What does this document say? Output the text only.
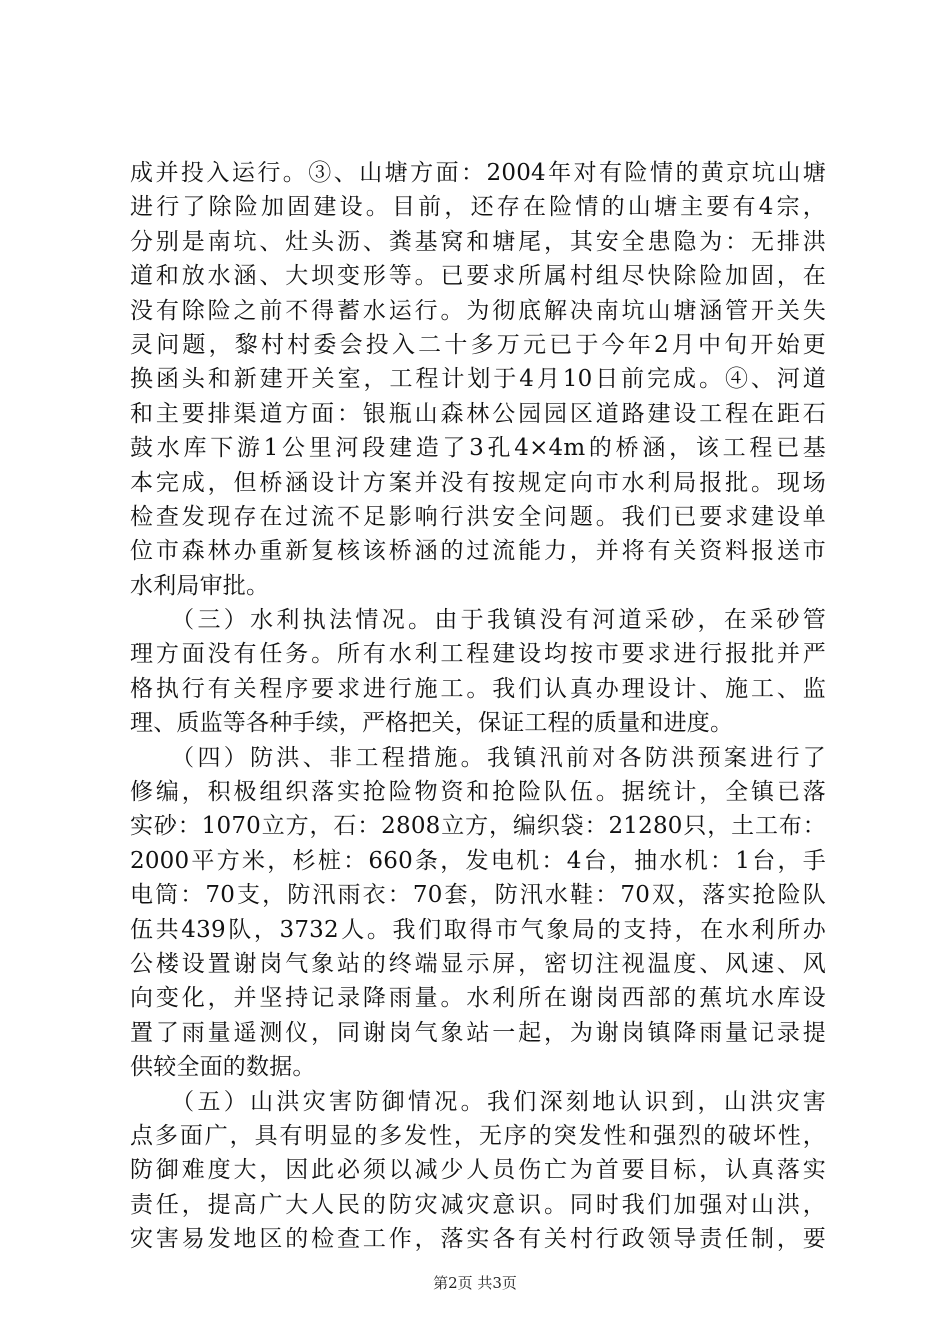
成并投入运行。③、山塘方面：2004年对有险情的黄京坑山塘
进行了除险加固建设。目前，还存在险情的山塘主要有4宗，
分别是南坑、灶头沥、粪基窝和塘尾，其安全患隐为：无排洪
道和放水涵、大坝变形等。已要求所属村组尽快除险加固，在
没有除险之前不得蓄水运行。为彻底解决南坑山塘涵管开关失
灵问题，黎村村委会投入二十多万元已于今年2月中旬开始更
换函头和新建开关室，工程计划于4月10日前完成。④、河道
和主要排渠道方面：银瓶山森林公园园区道路建设工程在距石
鼓水库下游1公里河段建造了3孔4×4m的桥涵，该工程已基
本完成，但桥涵设计方案并没有按规定向市水利局报批。现场
检查发现存在过流不足影响行洪安全问题。我们已要求建设单
位市森林办重新复核该桥涵的过流能力，并将有关资料报送市
水利局审批。
　　（三）水利执法情况。由于我镇没有河道采砂，在采砂管
理方面没有任务。所有水利工程建设均按市要求进行报批并严
格执行有关程序要求进行施工。我们认真办理设计、施工、监
理、质监等各种手续，严格把关，保证工程的质量和进度。
　　（四）防洪、非工程措施。我镇汛前对各防洪预案进行了
修编，积极组织落实抢险物资和抢险队伍。据统计，全镇已落
实砂：1070立方，石：2808立方，编织袋：21280只，土工布：
2000平方米，杉桩：660条，发电机：4台，抽水机：1台，手
电筒：70支，防汛雨衣：70套，防汛水鞋：70双，落实抢险队
伍共439队，3732人。我们取得市气象局的支持，在水利所办
公楼设置谢岗气象站的终端显示屏，密切注视温度、风速、风
向变化，并坚持记录降雨量。水利所在谢岗西部的蕉坑水库设
置了雨量遥测仪，同谢岗气象站一起，为谢岗镇降雨量记录提
供较全面的数据。
　　（五）山洪灾害防御情况。我们深刻地认识到，山洪灾害
点多面广，具有明显的多发性，无序的突发性和强烈的破坏性，
防御难度大，因此必须以减少人员伤亡为首要目标，认真落实
责任，提高广大人民的防灾减灾意识。同时我们加强对山洪，
灾害易发地区的检查工作，落实各有关村行政领导责任制，要
第2页 共3页
